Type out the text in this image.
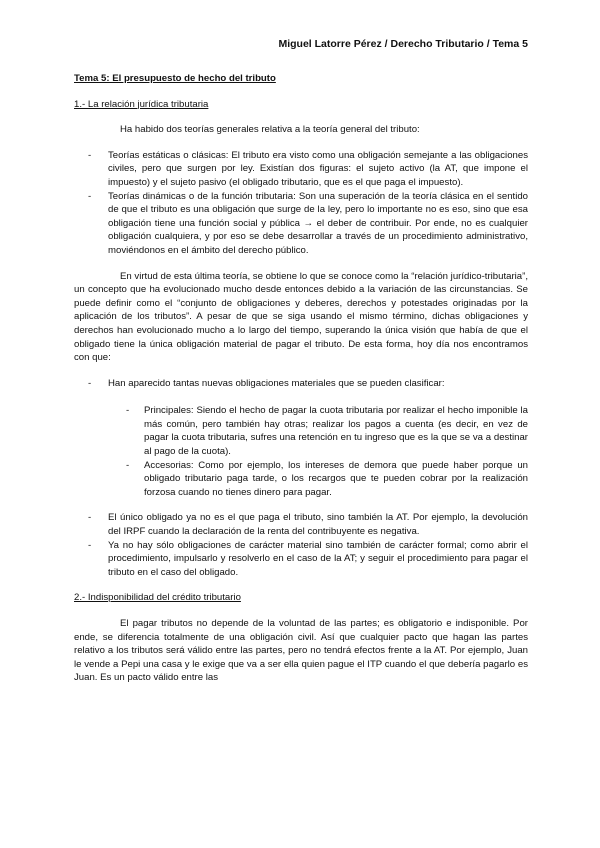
Miguel Latorre Pérez / Derecho Tributario / Tema 5
Tema 5: El presupuesto de hecho del tributo
1.- La relación jurídica tributaria

Ha habido dos teorías generales relativa a la teoría general del tributo:

- Teorías estáticas o clásicas: El tributo era visto como una obligación semejante a las obligaciones civiles, pero que surgen por ley. Existían dos figuras: el sujeto activo (la AT, que impone el impuesto) y el sujeto pasivo (el obligado tributario, que es el que paga el impuesto).
- Teorías dinámicas o de la función tributaria: Son una superación de la teoría clásica en el sentido de que el tributo es una obligación que surge de la ley, pero lo importante no es eso, sino que esa obligación tiene una función social y pública → el deber de contribuir. Por ende, no es cualquier obligación cualquiera, y por eso se debe desarrollar a través de un procedimiento administrativo, moviéndonos en el ámbito del derecho público.

En virtud de esta última teoría, se obtiene lo que se conoce como la “relación jurídico-tributaria”, un concepto que ha evolucionado mucho desde entonces debido a la variación de las circunstancias. Se puede definir como el “conjunto de obligaciones y deberes, derechos y potestades originadas por la aplicación de los tributos”. A pesar de que se siga usando el mismo término, dichas obligaciones y derechos han evolucionado mucho a lo largo del tiempo, superando la única visión que había de que el obligado tiene la única obligación material de pagar el tributo. De esta forma, hoy día nos encontramos con que:

- Han aparecido tantas nuevas obligaciones materiales que se pueden clasificar:
- Principales: Siendo el hecho de pagar la cuota tributaria por realizar el hecho imponible la más común, pero también hay otras; realizar los pagos a cuenta (es decir, en vez de pagar la cuota tributaria, sufres una retención en tu ingreso que es la que se va a destinar al pago de la cuota).
- Accesorias: Como por ejemplo, los intereses de demora que puede haber porque un obligado tributario paga tarde, o los recargos que te pueden cobrar por la realización forzosa cuando no tienes dinero para pagar.
- El único obligado ya no es el que paga el tributo, sino también la AT. Por ejemplo, la devolución del IRPF cuando la declaración de la renta del contribuyente es negativa.
- Ya no hay sólo obligaciones de carácter material sino también de carácter formal; como abrir el procedimiento, impulsarlo y resolverlo en el caso de la AT; y seguir el procedimiento para pagar el tributo en el caso del obligado.
2.- Indisponibilidad del crédito tributario

El pagar tributos no depende de la voluntad de las partes; es obligatorio e indisponible. Por ende, se diferencia totalmente de una obligación civil. Así que cualquier pacto que hagan las partes relativo a los tributos será válido entre las partes, pero no tendrá efectos frente a la AT. Por ejemplo, Juan le vende a Pepi una casa y le exige que va a ser ella quien pague el ITP cuando el que debería pagarlo es Juan. Es un pacto válido entre las
